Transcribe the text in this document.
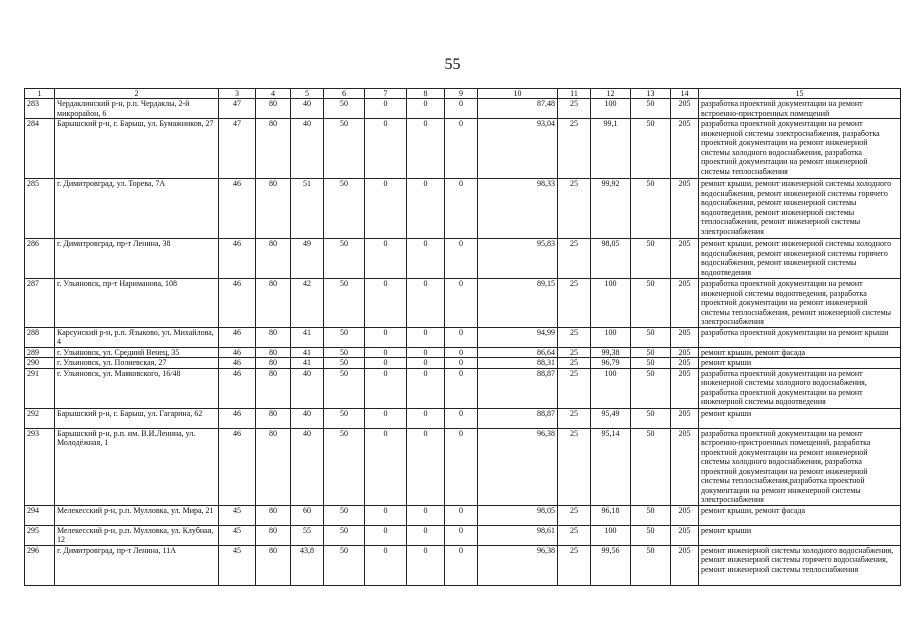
55
1	2	3	4	5	6	7	8	9	10	11	12	13	14	15
283	Чердаклинский р-н, р.п. Чердаклы, 2-й микрорайон, 6	47	80	40	50	0	0	0	87,48	25	100	50	205	разработка проектной документации на ремонт встроенно-пристроенных помещений
284	Барышский р-н, г. Барыш, ул. Бумажников, 27	47	80	40	50	0	0	0	93,04	25	99,1	50	205	разработка проектной документации на ремонт инженерной системы электроснабжения, разработка проектной документации на ремонт инженерной системы холодного водоснабжения, разработка проектной документации на ремонт инженерной системы теплоснабжения
285	г. Димитровград, ул. Торева, 7А	46	80	51	50	0	0	0	98,33	25	99,92	50	205	ремонт крыши, ремонт инженерной системы холодного водоснабжения, ремонт инженерной системы горячего водоснабжения, ремонт инженерной системы водоотведения, ремонт инженерной системы теплоснабжения, ремонт инженерной системы электроснабжения
286	г. Димитровград, пр-т Ленина, 38	46	80	49	50	0	0	0	95,83	25	98,05	50	205	ремонт крыши, ремонт инженерной системы холодного водоснабжения, ремонт инженерной системы горячего водоснабжения, ремонт инженерной системы водоотведения
287	г. Ульяновск, пр-т Нариманова, 108	46	80	42	50	0	0	0	89,15	25	100	50	205	разработка проектной документации на ремонт инженерной системы водоотведения, разработка проектной документации на ремонт инженерной системы теплоснабжения, ремонт инженерной системы электроснабжения
288	Карсунский р-н, р.п. Языково, ул. Михайлова, 4	46	80	41	50	0	0	0	94,99	25	100	50	205	разработка проектной документации на ремонт крыши
289	г. Ульяновск, ул. Средний Венец, 35	46	80	41	50	0	0	0	86,64	25	99,38	50	205	ремонт крыши, ремонт фасада
290	г. Ульяновск, ул. Полиевская, 27	46	80	41	50	0	0	0	88,31	25	96,79	50	205	ремонт крыши
291	г. Ульяновск, ул. Маяковского, 16/48	46	80	40	50	0	0	0	88,87	25	100	50	205	разработка проектной документации на ремонт инженерной системы холодного водоснабжения, разработка проектной документации на ремонт инженерной системы водоотведения
292	Барышский р-н, г. Барыш, ул. Гагарина, 62	46	80	40	50	0	0	0	88,87	25	95,49	50	205	ремонт крыши
293	Барышский р-н, р.п. им. В.И.Ленина, ул. Молодёжная, 1	46	80	40	50	0	0	0	96,38	25	95,14	50	205	разработка проектной документации на ремонт встроенно-пристроенных помещений, разработка проектной документации на ремонт инженерной системы холодного водоснабжения, разработка проектной документации на ремонт инженерной системы теплоснабжения,разработка проектной документации на ремонт инженерной системы электроснабжения
294	Мелекесский р-н, р.п. Мулловка, ул. Мира, 21	45	80	60	50	0	0	0	98,05	25	96,18	50	205	ремонт крыши, ремонт фасада
295	Мелекесский р-н, р.п. Мулловка, ул. Клубная, 12	45	80	55	50	0	0	0	98,61	25	100	50	205	ремонт крыши
296	г. Димитровград, пр-т Ленина, 11А	45	80	43,8	50	0	0	0	96,38	25	99,56	50	205	ремонт инженерной системы холодного водоснабжения, ремонт инженерной системы горячего водоснабжения, ремонт инженерной системы теплоснабжения
